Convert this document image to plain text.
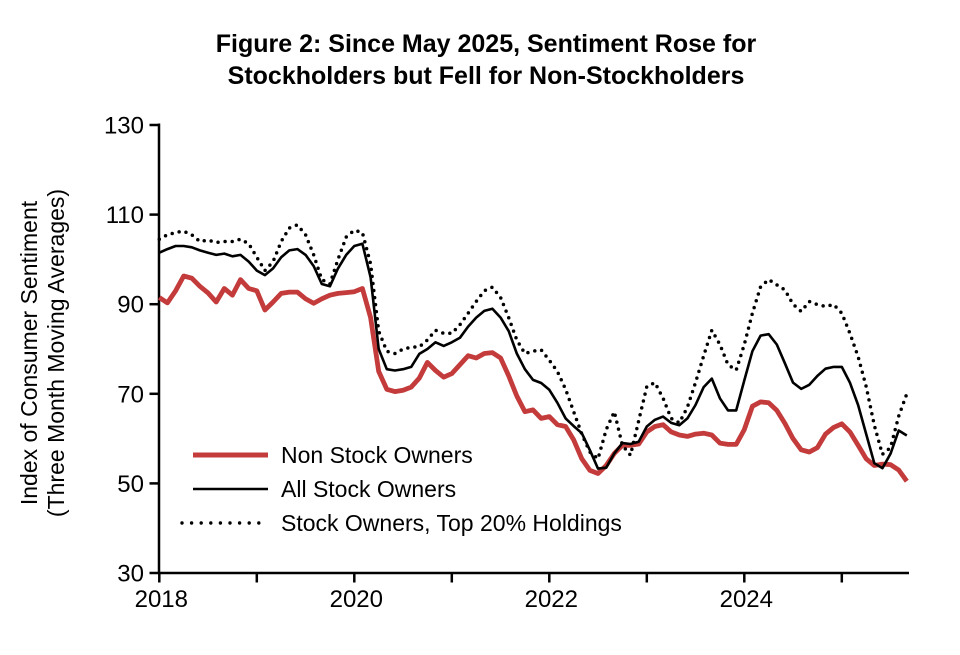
Figure 2: Since May 2025, Sentiment Rose for
Stockholders but Fell for Non-Stockholders
Index of Consumer Sentiment (Three Month Moving Averages)
30
50
70
90
110
130
2018	2020	2022	2024
Non Stock Owners
All Stock Owners
Stock Owners, Top 20% Holdings
